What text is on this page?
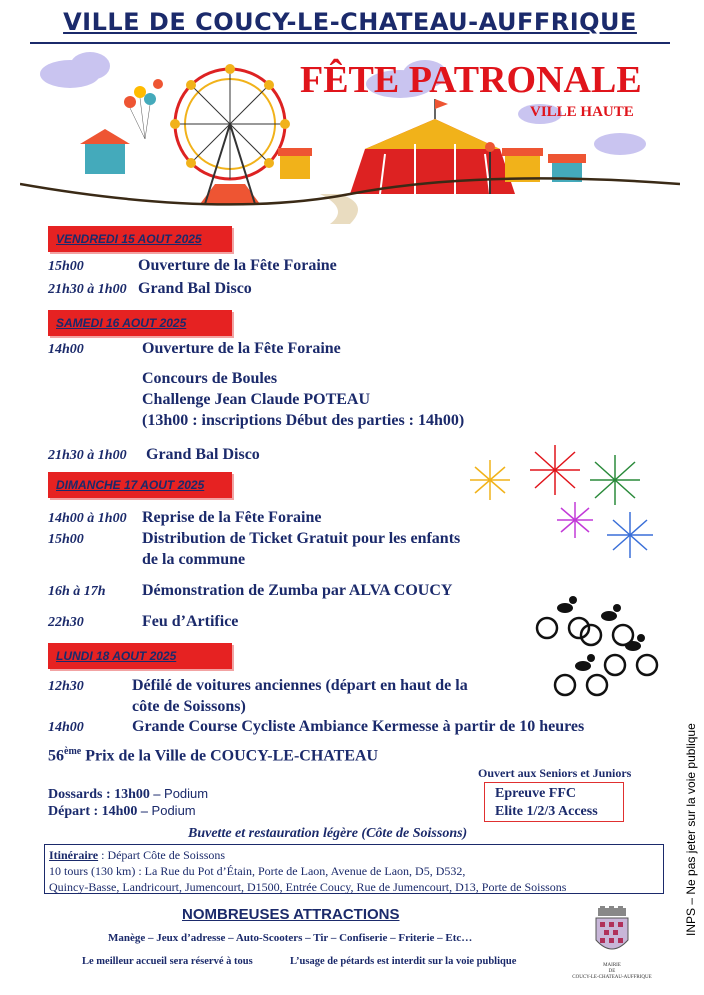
VILLE DE COUCY-LE-CHATEAU-AUFFRIQUE
FÊTE PATRONALE
VILLE HAUTE
VENDREDI 15 AOUT 2025
15h00	Ouverture de la Fête Foraine
21h30 à 1h00 Grand Bal Disco
SAMEDI 16 AOUT 2025
14h00	Ouverture de la Fête Foraine
Concours de Boules
Challenge Jean Claude POTEAU
(13h00 : inscriptions Début des parties : 14h00)
21h30 à 1h00 Grand Bal Disco
DIMANCHE 17 AOUT 2025
14h00 à 1h00 Reprise de la Fête Foraine
15h00	Distribution de Ticket Gratuit pour les enfants
de la commune
16h à 17h Démonstration de Zumba par ALVA COUCY
22h30	Feu d’Artifice
LUNDI 18 AOUT 2025
12h30	Défilé de voitures anciennes (départ en haut de la
côte de Soissons)
14h00	Grande Course Cycliste Ambiance Kermesse à partir de 10 heures
56ème Prix de la Ville de COUCY-LE-CHATEAU
Ouvert aux Seniors et Juniors
Dossards : 13h00 – Podium
Départ : 14h00 – Podium
Epreuve FFC
Elite 1/2/3 Access
Buvette et restauration légère (Côte de Soissons)
Itinéraire : Départ Côte de Soissons
10 tours (130 km) : La Rue du Pot d’Étain, Porte de Laon, Avenue de Laon, D5, D532,
Quincy-Basse, Landricourt, Jumencourt, D1500, Entrée Coucy, Rue de Jumencourt, D13, Porte de Soissons
NOMBREUSES ATTRACTIONS
Manège – Jeux d’adresse – Auto-Scooters – Tir – Confiserie – Friterie – Etc…
Le meilleur accueil sera réservé à tous	L’usage de pétards est interdit sur la voie publique	MAIRIE
DE
COUCY-LE-CHATEAU-AUFFRIQUE
INPS – Ne pas jeter sur la voie publique
